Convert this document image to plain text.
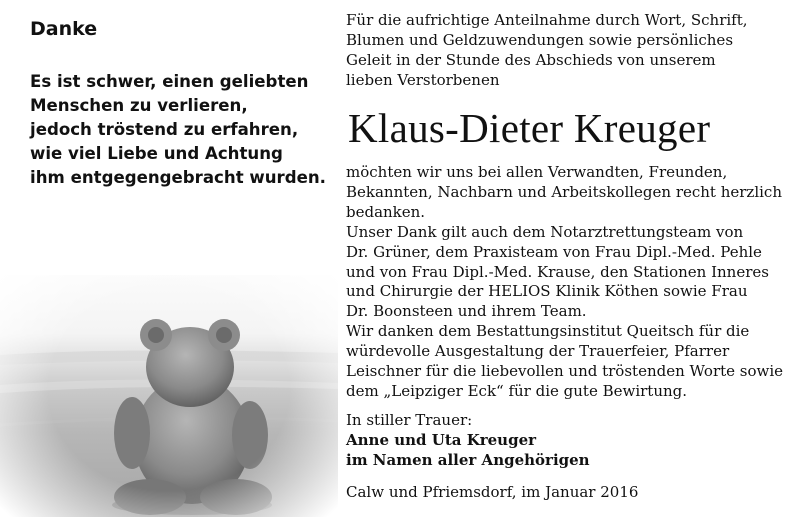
Danke

Es ist schwer, einen geliebten
Menschen zu verlieren,
jedoch tröstend zu erfahren,
wie viel Liebe und Achtung
ihm entgegengebracht wurden.

Für die aufrichtige Anteilnahme durch Wort, Schrift,
Blumen und Geldzuwendungen sowie persönliches
Geleit in der Stunde des Abschieds von unserem
lieben Verstorbenen

Klaus-Dieter Kreuger

möchten wir uns bei allen Verwandten, Freunden,
Bekannten, Nachbarn und Arbeitskollegen recht herzlich
bedanken.
Unser Dank gilt auch dem Notarztrettungsteam von
Dr. Grüner, dem Praxisteam von Frau Dipl.-Med. Pehle
und von Frau Dipl.-Med. Krause, den Stationen Inneres
und Chirurgie der HELIOS Klinik Köthen sowie Frau
Dr. Boonsteen und ihrem Team.
Wir danken dem Bestattungsinstitut Queitsch für die
würdevolle Ausgestaltung der Trauerfeier, Pfarrer
Leischner für die liebevollen und tröstenden Worte sowie
dem „Leipziger Eck“ für die gute Bewirtung.

In stiller Trauer:

Anne und Uta Kreuger
im Namen aller Angehörigen

Calw und Pfriemsdorf, im Januar 2016
